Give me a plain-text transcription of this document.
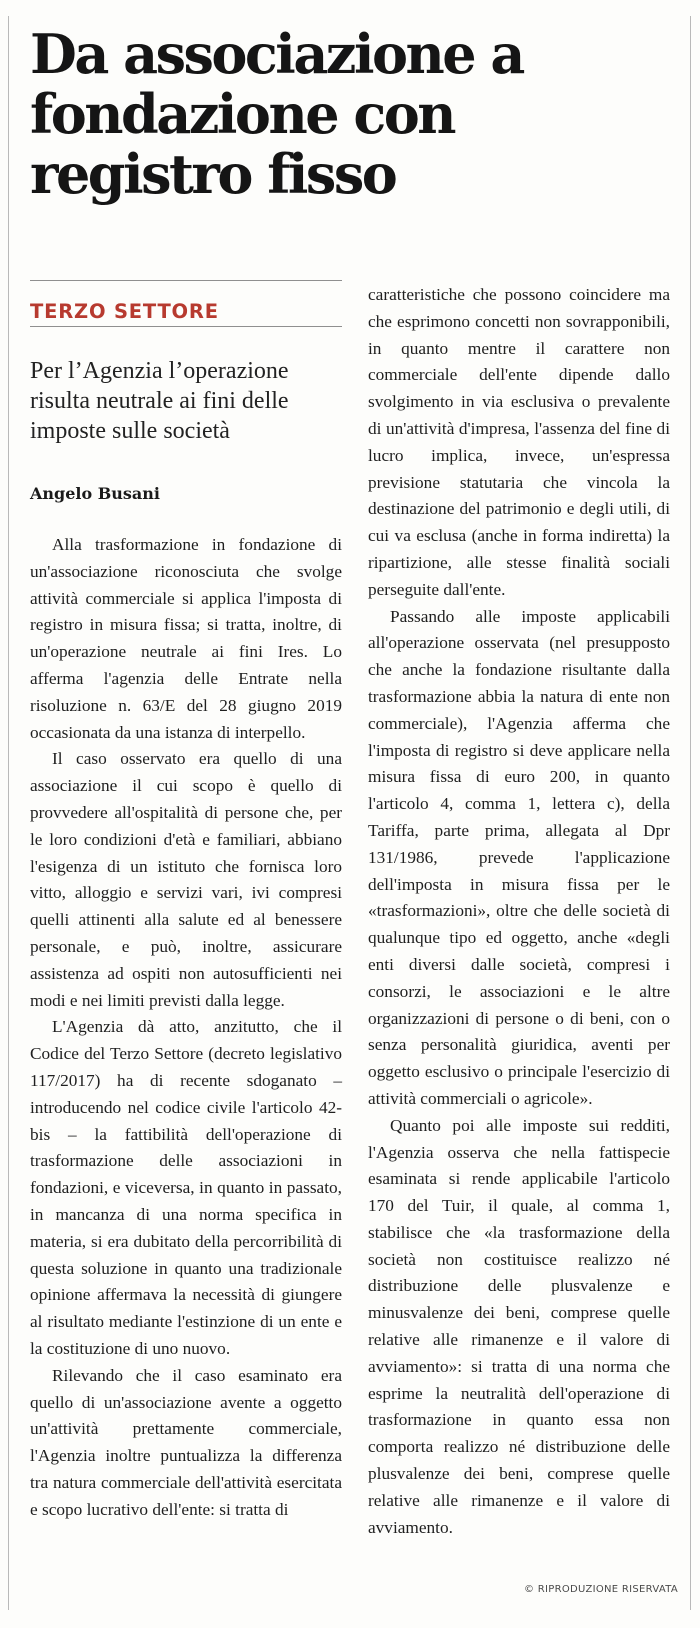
Da associazione a fondazione con registro fisso

TERZO SETTORE

Per l’Agenzia l’operazione risulta neutrale ai fini delle imposte sulle società

Angelo Busani

Alla trasformazione in fondazione di un'associazione riconosciuta che svolge attività commerciale si applica l'imposta di registro in misura fissa; si tratta, inoltre, di un'operazione neutrale ai fini Ires. Lo afferma l'agenzia delle Entrate nella risoluzione n. 63/E del 28 giugno 2019 occasionata da una istanza di interpello.

Il caso osservato era quello di una associazione il cui scopo è quello di provvedere all'ospitalità di persone che, per le loro condizioni d'età e familiari, abbiano l'esigenza di un istituto che fornisca loro vitto, alloggio e servizi vari, ivi compresi quelli attinenti alla salute ed al benessere personale, e può, inoltre, assicurare assistenza ad ospiti non autosufficienti nei modi e nei limiti previsti dalla legge.

L'Agenzia dà atto, anzitutto, che il Codice del Terzo Settore (decreto legislativo 117/2017) ha di recente sdoganato – introducendo nel codice civile l'articolo 42-bis – la fattibilità dell'operazione di trasformazione delle associazioni in fondazioni, e viceversa, in quanto in passato, in mancanza di una norma specifica in materia, si era dubitato della percorribilità di questa soluzione in quanto una tradizionale opinione affermava la necessità di giungere al risultato mediante l'estinzione di un ente e la costituzione di uno nuovo.

Rilevando che il caso esaminato era quello di un'associazione avente a oggetto un'attività prettamente commerciale, l'Agenzia inoltre puntualizza la differenza tra natura commerciale dell'attività esercitata e scopo lucrativo dell'ente: si tratta di

caratteristiche che possono coincidere ma che esprimono concetti non sovrapponibili, in quanto mentre il carattere non commerciale dell'ente dipende dallo svolgimento in via esclusiva o prevalente di un'attività d'impresa, l'assenza del fine di lucro implica, invece, un'espressa previsione statutaria che vincola la destinazione del patrimonio e degli utili, di cui va esclusa (anche in forma indiretta) la ripartizione, alle stesse finalità sociali perseguite dall'ente.

Passando alle imposte applicabili all'operazione osservata (nel presupposto che anche la fondazione risultante dalla trasformazione abbia la natura di ente non commerciale), l'Agenzia afferma che l'imposta di registro si deve applicare nella misura fissa di euro 200, in quanto l'articolo 4, comma 1, lettera c), della Tariffa, parte prima, allegata al Dpr 131/1986, prevede l'applicazione dell'imposta in misura fissa per le «trasformazioni», oltre che delle società di qualunque tipo ed oggetto, anche «degli enti diversi dalle società, compresi i consorzi, le associazioni e le altre organizzazioni di persone o di beni, con o senza personalità giuridica, aventi per oggetto esclusivo o principale l'esercizio di attività commerciali o agricole».

Quanto poi alle imposte sui redditi, l'Agenzia osserva che nella fattispecie esaminata si rende applicabile l'articolo 170 del Tuir, il quale, al comma 1, stabilisce che «la trasformazione della società non costituisce realizzo né distribuzione delle plusvalenze e minusvalenze dei beni, comprese quelle relative alle rimanenze e il valore di avviamento»: si tratta di una norma che esprime la neutralità dell'operazione di trasformazione in quanto essa non comporta realizzo né distribuzione delle plusvalenze dei beni, comprese quelle relative alle rimanenze e il valore di avviamento.

© RIPRODUZIONE RISERVATA
